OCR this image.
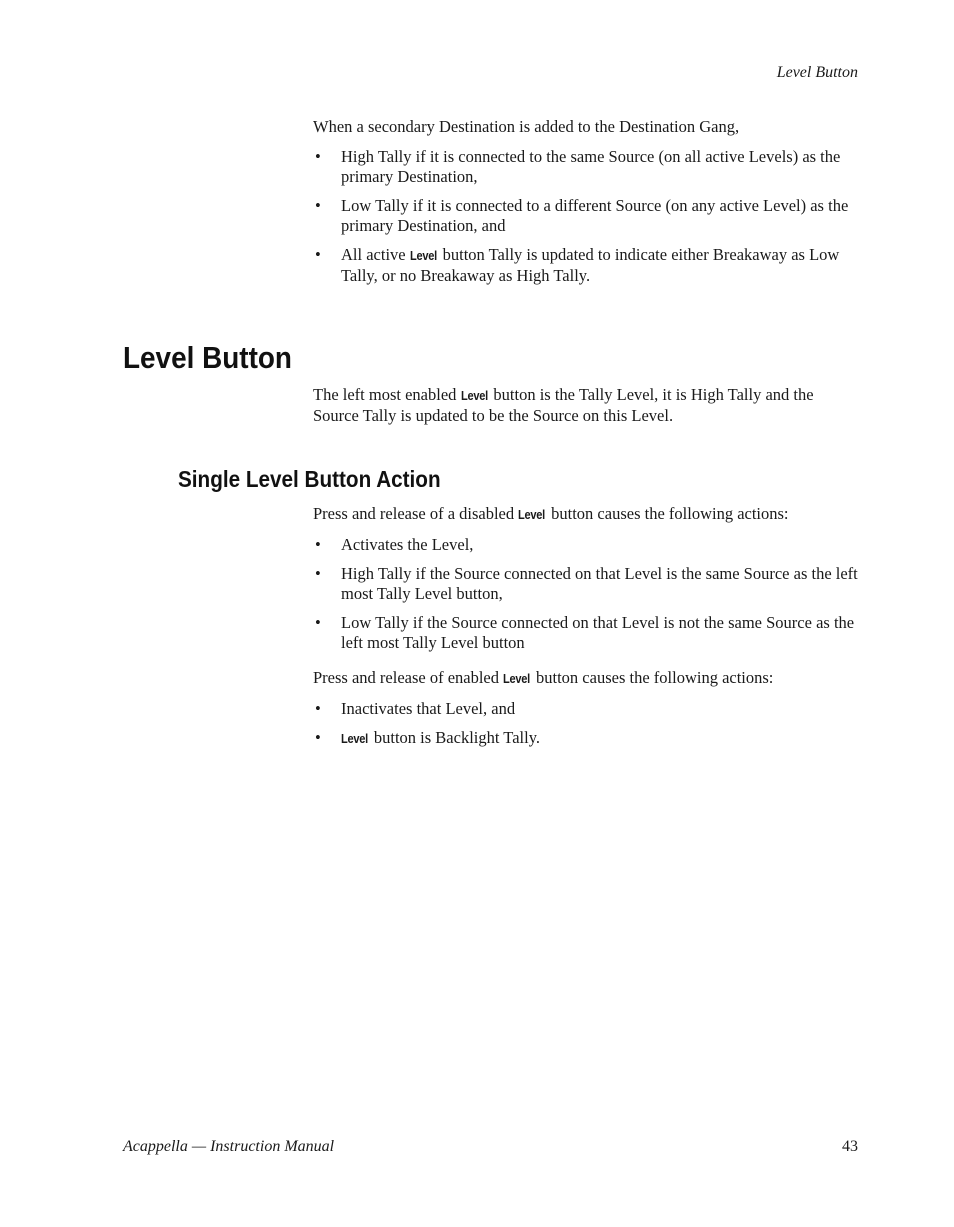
Level Button

When a secondary Destination is added to the Destination Gang,

• High Tally if it is connected to the same Source (on all active Levels) as the primary Destination,
• Low Tally if it is connected to a different Source (on any active Level) as the primary Destination, and
• All active Level button Tally is updated to indicate either Breakaway as Low Tally, or no Breakaway as High Tally.
Level Button

The left most enabled Level button is the Tally Level, it is High Tally and the Source Tally is updated to be the Source on this Level.

Single Level Button Action

Press and release of a disabled Level button causes the following actions:

• Activates the Level,
• High Tally if the Source connected on that Level is the same Source as the left most Tally Level button,
• Low Tally if the Source connected on that Level is not the same Source as the left most Tally Level button

Press and release of enabled Level button causes the following actions:

• Inactivates that Level, and
• Level button is Backlight Tally.
Acappella — Instruction Manual	43
